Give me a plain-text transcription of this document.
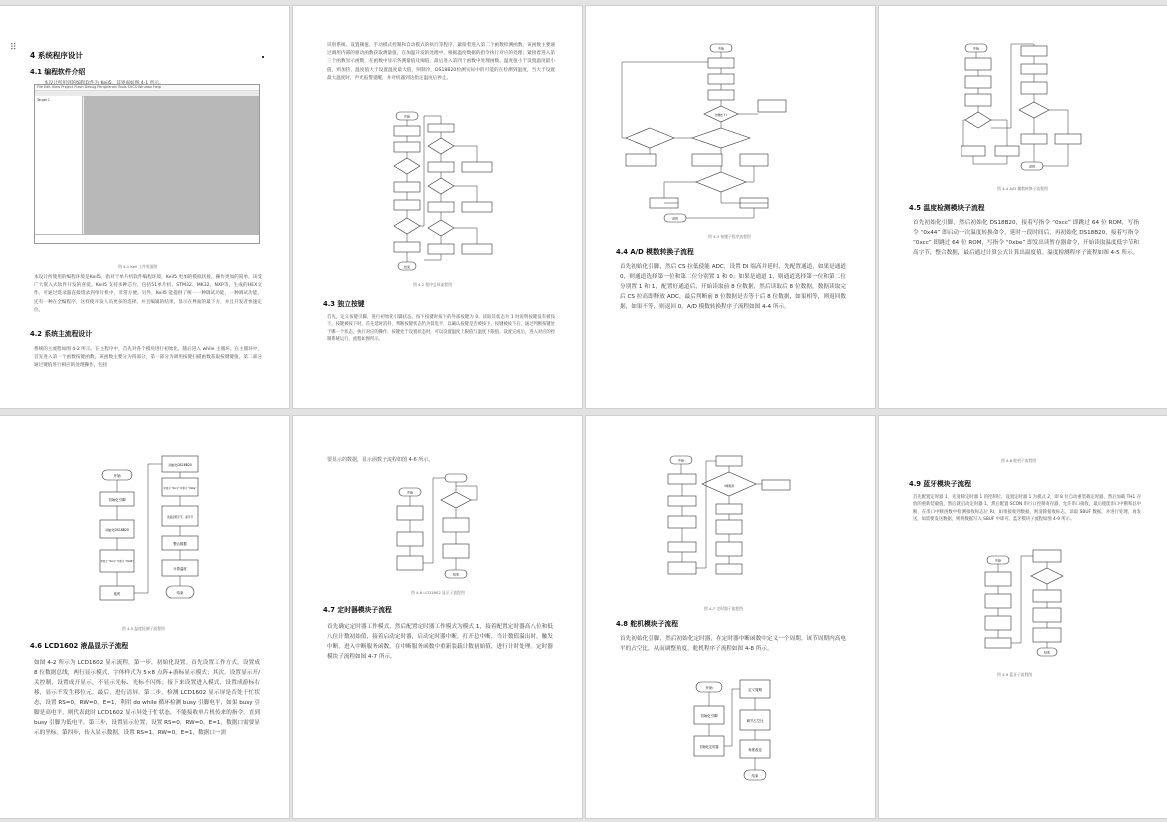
⠿
4 系统程序设计
4.1 编程软件介绍
File Edit View Project Flash Debug Peripherals Tools SVCS Window Help
Target 1
图 4-1 Keil 工作界面图
本设计所使用的编程环境是Keil5，指对于单片机软件编程环境，Keil5 更加的模拟状接，操作更加的简单。该受广大嵌入式软件开发的喜爱。Keil5 支持多种芯片，包括51单片机、STM32、MK32、NXP等，生成的HEX文件。可通过烧录器直接烧录到单片机中，非常方便。另外，Keil5 能提供了统一一种调试功能，一种调试功能、还有一种在全编程序，这样使开发人员更多的选择。并且编辑的结果、显示在界面的最下方，并且开发者快速定位。
4.2 系统主流程设计
系统的主流程如图 4-2 所示。在主程序中，首先对各个模块进行初始化，随后进入 while 主循环。在主循环中，首先进入第一个函数按键函数，该函数主要分为四部分，第一部分为调用按键扫描函数获取按键键值，第二部分通过键值进行相应的处理操作，包括
识别系统、设置阈值、手动模式控制和自动模式的执行等程序。紧接着进入第二个函数检测函数，该函数主要通过调用内部的驱动函数获取测量值，在加温开发的处理中，根据温度数据的指令执行对应的处理；紧接着进入第三个函数显示函数，在函数中显示各测量值及阈值，最后进入第四个函数中处理函数。温度值小于设置温度最小值，则加热，温度值大于设置温度最大值，则制冷，DS18B20检测实际中的可能的在检测到温度，当大于设置最大温度时，声光报警提醒，并对机器到达指定温度后停止。
开始
结束
图 4-2 程序总体流程图
4.3 独立按键
首先，定义按键引脚，进行初始化引脚状态。按下按键时按下的外部按键为 0，读取其状态为 1 时说明按键没有被按下。按键被按下时，首先延时消抖，判断按键状态仍为低电平，以确认按键是否被按下。按键被按下后，通过判断按键处于哪一个状态，执行对应的操作，按键处于设置状态时，可以设置温度上限值与温度下限值。设置完成后，进入对应的控制系统运行。流程如图所示。
开始
按键按下?
返回
图 4-3 按键子程序流程图
4.4 A/D 模数转换子流程
首先初始化引脚，然后 CS 拉低使能 ADC，设置 DI 端高并延时，先配置通道，如果是通道 0，则通道选择第一位和第二位分别置 1 和 0；如果是通道 1，则通道选择第一位和第二位分别置 1 和 1，配置好通道后，开始读取前 8 位数据，然后读取后 8 位数据，数据读取完后 CS 拉高即释放 ADC，最后判断前 8 位数据是否等于后 8 位数据，如果相等，则返回数据，如果不等，则返回 0。A/D 模数转换程序子流程如图 4-4 所示。
开始
返回
图 4-4 A/D 模数转换子流程图
4.5 温度检测模块子流程
首先初始化引脚，然后初始化 DS18B20，接着写指令 “0xcc” 即跳过 64 位 ROM，写指令 “0x44” 即启动一次温度转换命令，延时一段时间后，再初始化 DS18B20，接着写指令 “0xcc” 即跳过 64 位 ROM，写指令 “0xbe” 即发出读暂存器命令，开始读取温度低字节和高字节，整合数据，最后通过计算公式计算出温度值。温度检测程序子流程如图 4-5 所示。
开始
初始化引脚
初始化DS18B20
写指令 “0xcc” 写指令 “0x44”
延时
初始化DS18B20
写指令 “0xcc” 写指令 “0xbe”
读温度低字节、高字节
整合数据
计算温度
结束
图 4-5 温度检测子流程图
4.6 LCD1602 液晶显示子流程
如图 4-2 所示为 LCD1602 显示流程，第一步，初始化设置。首先设置工作方式，设置成 8 位数据总线，两行显示模式，字体样式为 5×8 点阵+游标显示模式；其次，设置显示开/关控制，设置成开显示，不显示光标、光标不闪烁；接下来设置进入模式，设置成游标右移，显示不发生移位元。最后，进行清屏。第二步，检测 LCD1602 显示屏是否处于忙状态，设置 RS=0，RW=0，E=1，利用 do while 循环检测 busy 引脚电平，如果 busy 引脚是高电平，则代表此时 LCD1602 显示屏处于忙状态，不能接收单片机传来的指令，直到 busy 引脚为低电平。第三步，设置显示位置，设置 RS=0，RW=0，E=1，数据口需要显示的坐标。第四步，传入显示数据，设置 RS=1，RW=0，E=1，数据口一需
要显示的数据，显示函数子流程如图 4-6 所示。
开始
结束
图 4-6 LCD1602 显示子流程图
4.7 定时器模块子流程
首先确定定时器工作模式，然后配置定时器工作模式为模式 1，接着配置定时器高八位和低八位计数初始值，接着启动定时器，启动定时器中断，打开总中断，当计数值溢出时，触发中断，进入中断服务函数，在中断服务函数中重新装载计数初始值，进行计时处理。定时器模块子流程如图 4-7 所示。
开始
中断服务
图 4-7 定时器子流程图
4.8 舵机模块子流程
首先初始化引脚，然后初始化定时器，在定时器中断函数中定义一个周期，该节周期内高电平的占空比，从而调整角度，舵机程序子流程如图 4-8 所示。
开始
初始化引脚
初始化定时器
定义周期
调节占空比
角度改变
结束
图 4-8 舵机子流程图
4.9 蓝牙模块子流程
首先配置定时器 1，先清除定时器 1 的控制位，设置定时器 1 为模式 2，即 8 位自动重装载定时器，然后加载 TH1 存放的重新装载值，然后就启动定时器 1，然后配置 SCON 串行口控制寄存器，允许串口接收，最后使能串口中断和总中断，在串口中断函数中检测接收标志位 RI，如果接收到数据，则清除接收标志，读取 SBUF 数据，并进行处理，再发送，如需要发送数据，则将数据写入 SBUF 中即可。蓝牙模块子流程如图 4-9 所示。
开始
结束
图 4-9 蓝牙子流程图
